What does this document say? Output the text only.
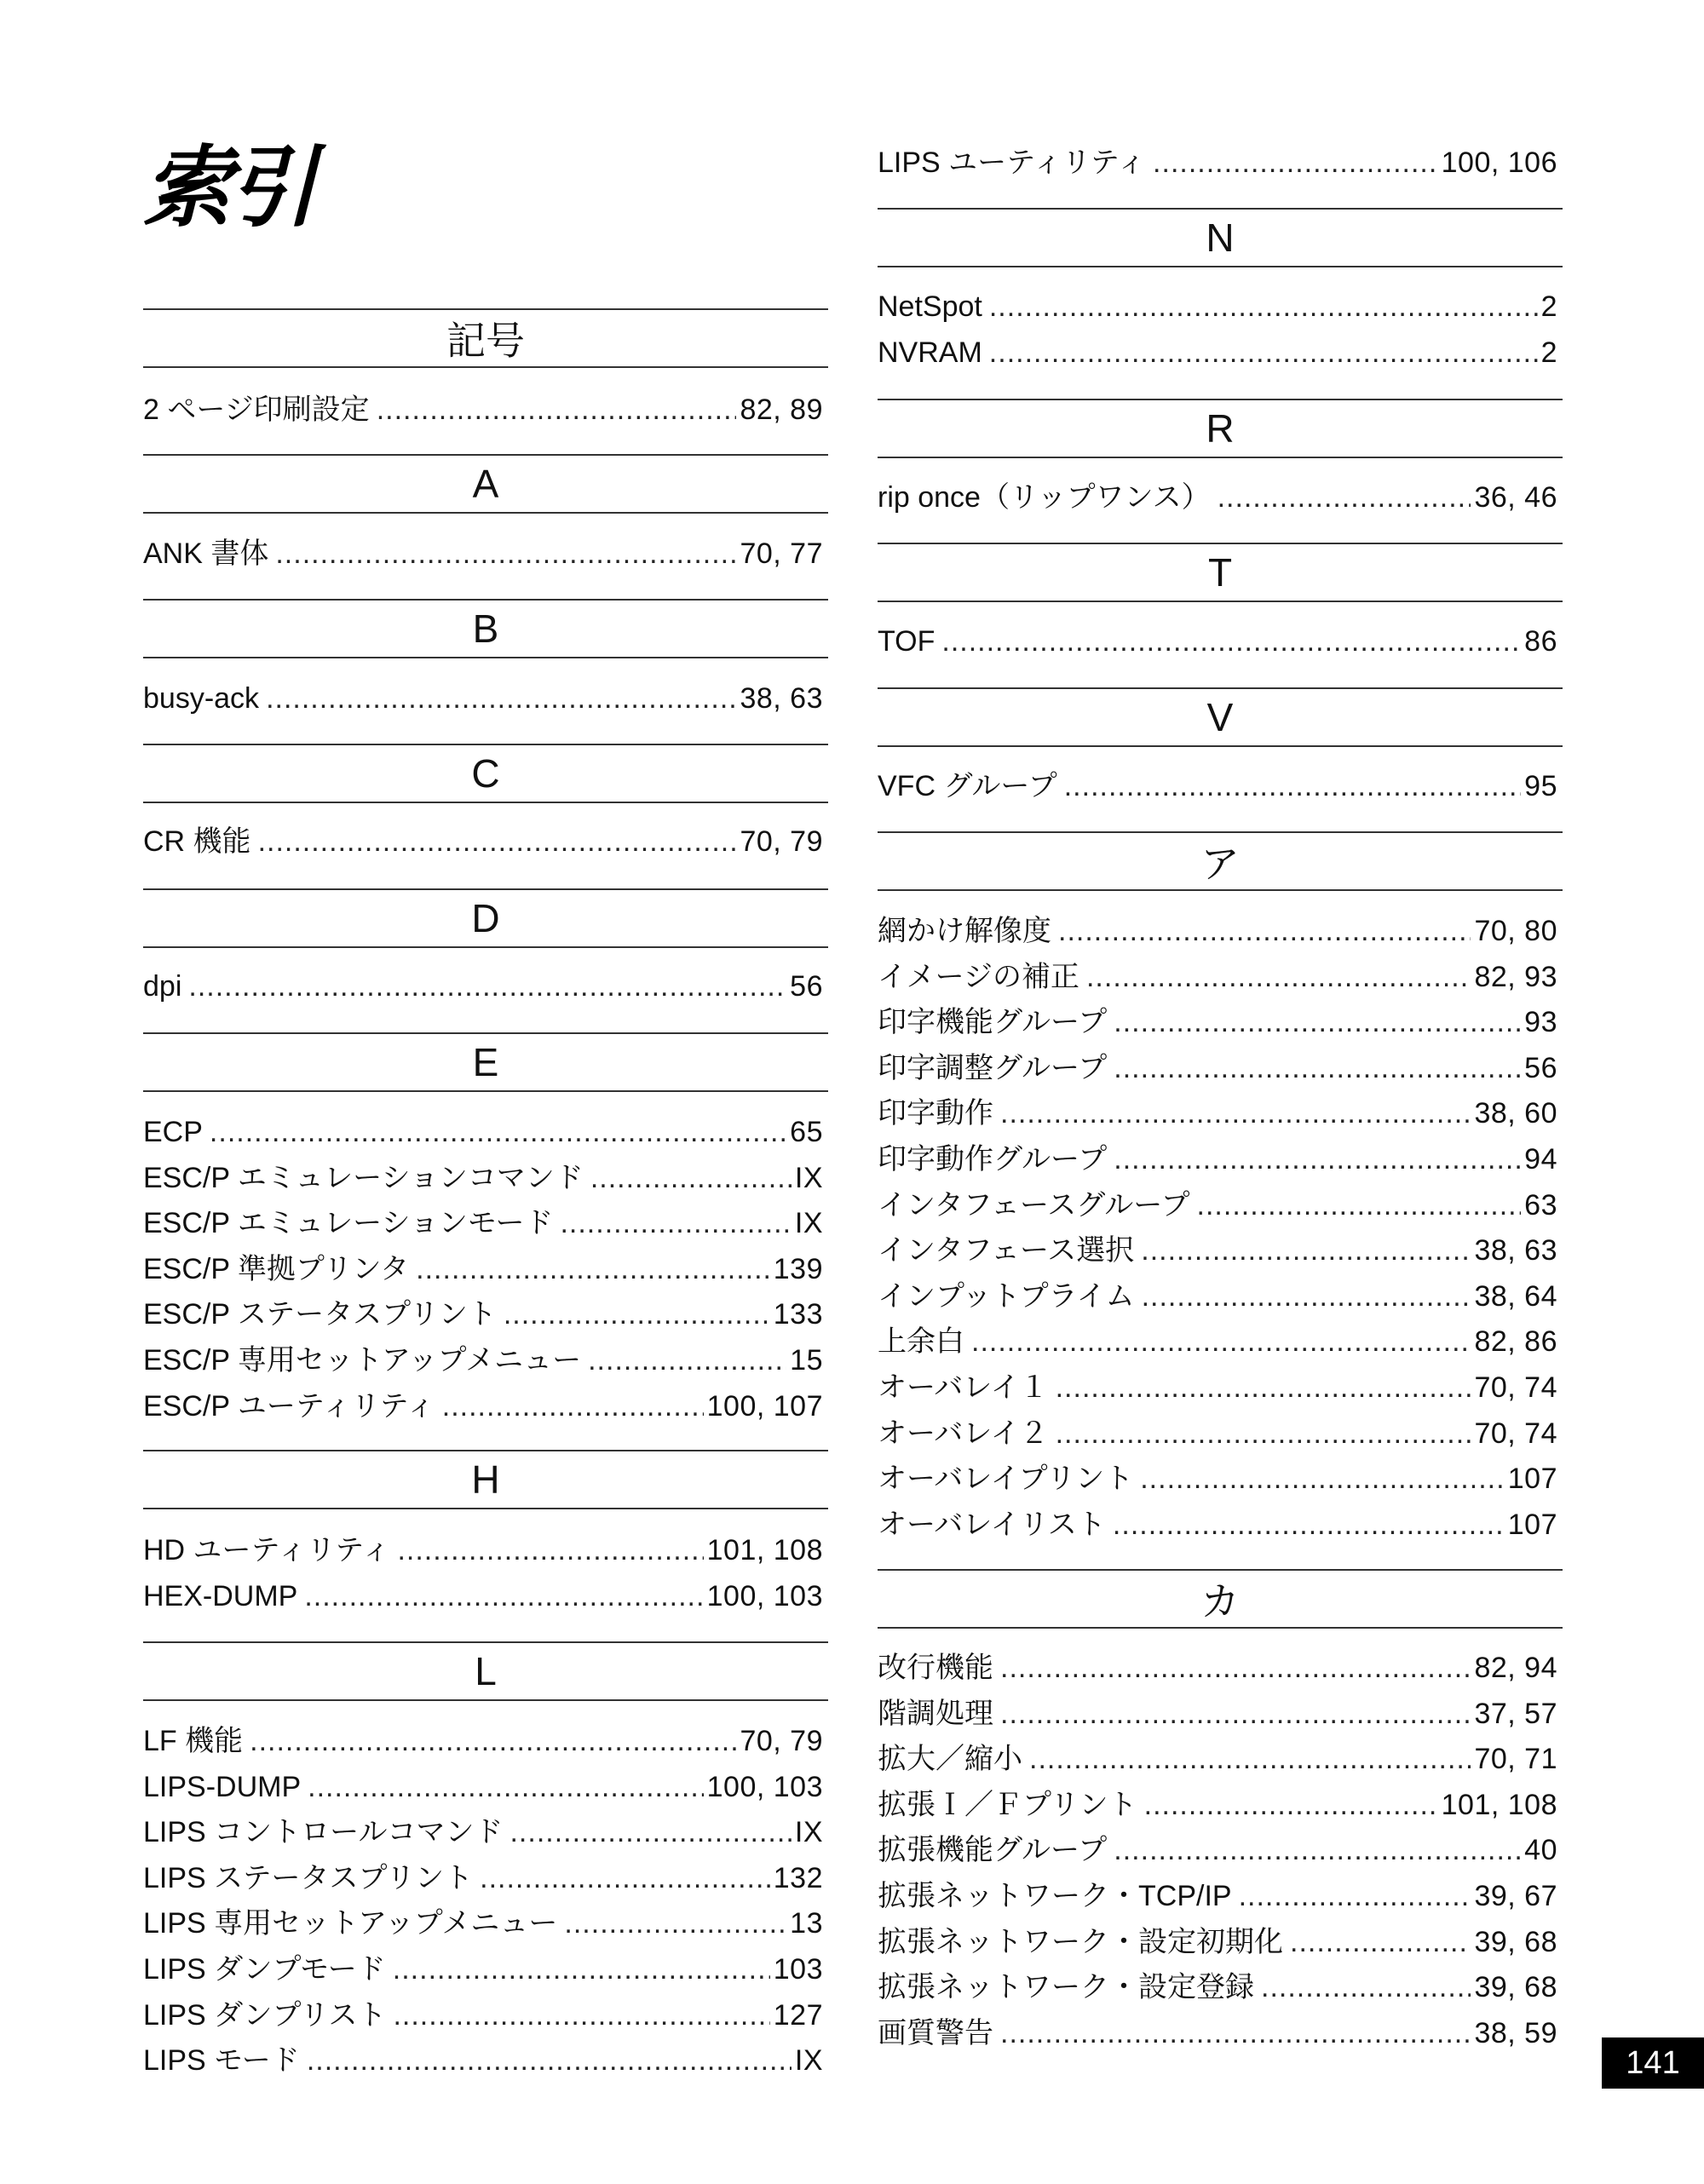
索引
記号
2 ページ印刷設定 .....	82, 89
A
ANK 書体 .....	70, 77
B
busy-ack .....	38, 63
C
CR 機能 .....	70, 79
D
dpi .....	56
E
ECP .....	65
ESC/P エミュレーションコマンド .....	IX
ESC/P エミュレーションモード .....	IX
ESC/P 準拠プリンタ .....	139
ESC/P ステータスプリント .....	133
ESC/P 専用セットアップメニュー .....	15
ESC/P ユーティリティ .....	100, 107
H
HD ユーティリティ .....	101, 108
HEX-DUMP .....	100, 103
L
LF 機能 .....	70, 79
LIPS-DUMP .....	100, 103
LIPS コントロールコマンド .....	IX
LIPS ステータスプリント .....	132
LIPS 専用セットアップメニュー .....	13
LIPS ダンプモード .....	103
LIPS ダンプリスト .....	127
LIPS モード .....	IX
LIPS ユーティリティ .....	100, 106
N
NetSpot .....	2
NVRAM .....	2
R
rip once（リップワンス） .....	36, 46
T
TOF .....	86
V
VFC グループ .....	95
ア
網かけ解像度 .....	70, 80
イメージの補正 .....	82, 93
印字機能グループ .....	93
印字調整グループ .....	56
印字動作 .....	38, 60
印字動作グループ .....	94
インタフェースグループ .....	63
インタフェース選択 .....	38, 63
インプットプライム .....	38, 64
上余白 .....	82, 86
オーバレイ１ .....	70, 74
オーバレイ２ .....	70, 74
オーバレイプリント .....	107
オーバレイリスト .....	107
カ
改行機能 .....	82, 94
階調処理 .....	37, 57
拡大／縮小 .....	70, 71
拡張Ｉ／Ｆプリント .....	101, 108
拡張機能グループ .....	40
拡張ネットワーク・TCP/IP .....	39, 67
拡張ネットワーク・設定初期化 .....	39, 68
拡張ネットワーク・設定登録 .....	39, 68
画質警告 .....	38, 59
141
